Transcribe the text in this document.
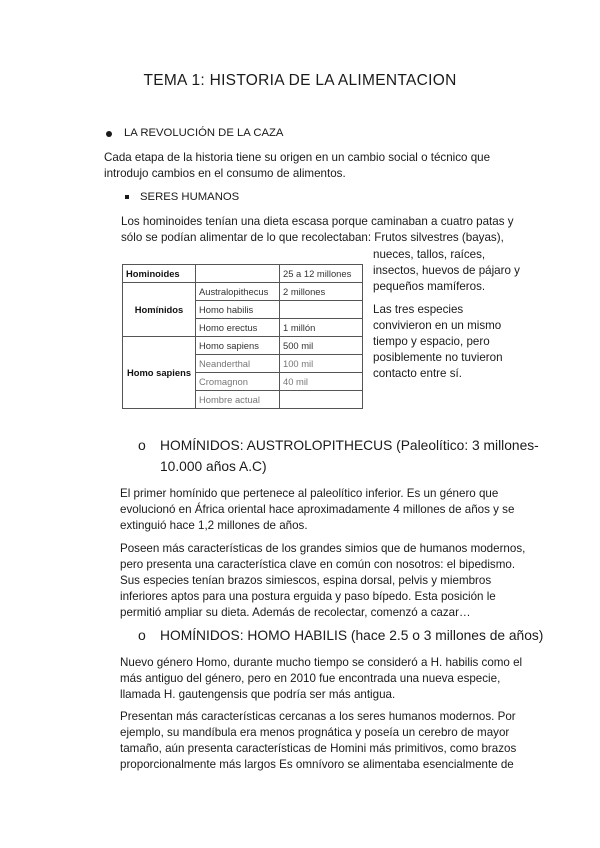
TEMA 1: HISTORIA DE LA ALIMENTACION

LA REVOLUCIÓN DE LA CAZA

Cada etapa de la historia tiene su origen en un cambio social o técnico que
introdujo cambios en el consumo de alimentos.

SERES HUMANOS

Los hominoides tenían una dieta escasa porque caminaban a cuatro patas y
sólo se podían alimentar de lo que recolectaban: Frutos silvestres (bayas),
nueces, tallos, raíces,
insectos, huevos de pájaro y
pequeños mamíferos.
Las tres especies
convivieron en un mismo
tiempo y espacio, pero
posiblemente no tuvieron
contacto entre sí.
Hominoides		25 a 12 millones
Homínidos	Australopithecus	2 millones
	Homo habilis	
	Homo erectus	1 millón
Homo sapiens	Homo sapiens	500 mil
	Neanderthal	100 mil
	Cromagnon	40 mil
	Hombre actual	
o HOMÍNIDOS: AUSTROLOPITHECUS (Paleolítico: 3 millones-

10.000 años A.C)

El primer homínido que pertenece al paleolítico inferior. Es un género que
evolucionó en África oriental hace aproximadamente 4 millones de años y se
extinguió hace 1,2 millones de años.
Poseen más características de los grandes simios que de humanos modernos,
pero presenta una característica clave en común con nosotros: el bipedismo.
Sus especies tenían brazos simiescos, espina dorsal, pelvis y miembros
inferiores aptos para una postura erguida y paso bípedo. Esta posición le
permitió ampliar su dieta. Además de recolectar, comenzó a cazar…
o HOMÍNIDOS: HOMO HABILIS (hace 2.5 o 3 millones de años)

Nuevo género Homo, durante mucho tiempo se consideró a H. habilis como el
más antiguo del género, pero en 2010 fue encontrada una nueva especie,
llamada H. gautengensis que podría ser más antigua.
Presentan más características cercanas a los seres humanos modernos. Por
ejemplo, su mandíbula era menos prognática y poseía un cerebro de mayor
tamaño, aún presenta características de Homini más primitivos, como brazos
proporcionalmente más largos Es omnívoro se alimentaba esencialmente de
